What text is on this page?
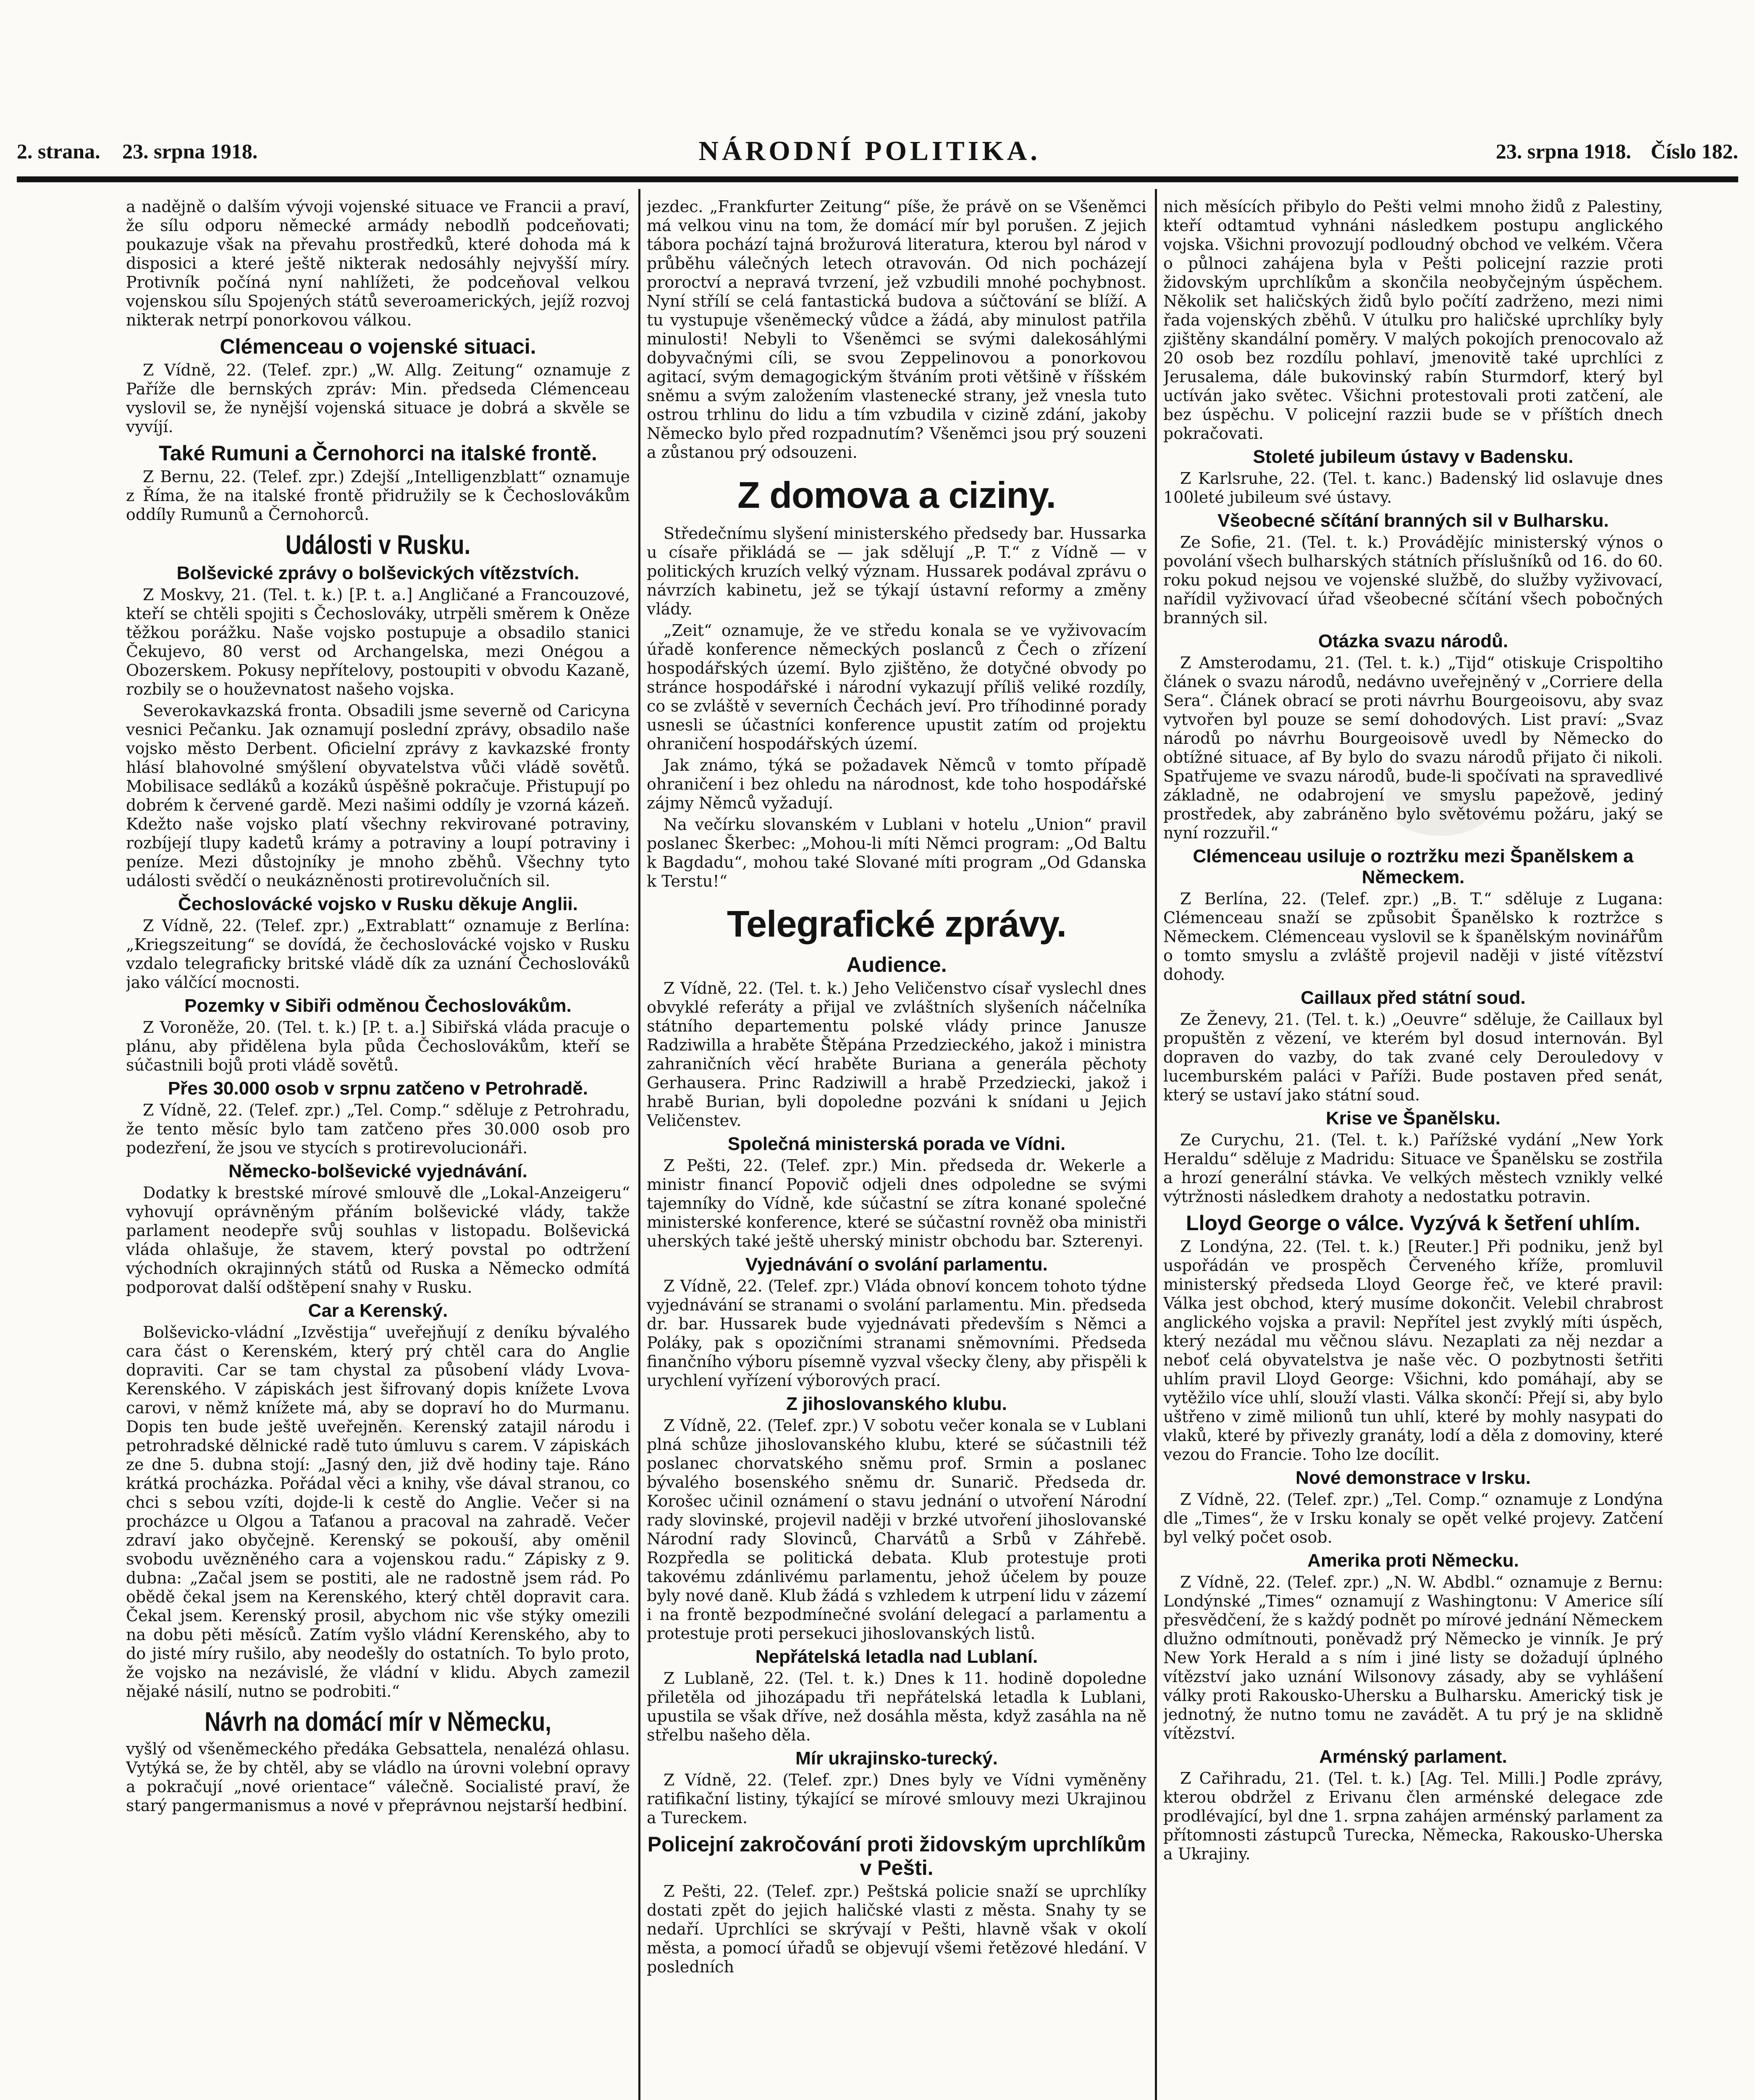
2. strana. 23. srpna 1918.	NÁRODNÍ POLITIKA.	23. srpna 1918. Číslo 182.

a nadějně o dalším vývoji vojenské situace ve Francii a praví, že sílu odporu německé armády nebodlň podceňovati; poukazuje však na převahu prostředků, které dohoda má k disposici a které ještě nikterak nedosáhly nejvyšší míry. Protivník počíná nyní nahlížeti, že podceňoval velkou vojenskou sílu Spojených států severoamerických, jejíž rozvoj nikterak netrpí ponorkovou válkou.

Clémenceau o vojenské situaci.

Z Vídně, 22. (Telef. zpr.) „W. Allg. Zeitung“ oznamuje z Paříže dle bernských zpráv: Min. předseda Clémenceau vyslovil se, že nynější vojenská situace je dobrá a skvěle se vyvíjí.

Také Rumuni a Černohorci na italské frontě.

Z Bernu, 22. (Telef. zpr.) Zdejší „Intelligenzblatt“ oznamuje z Říma, že na italské frontě přidružily se k Čechoslovákům oddíly Rumunů a Černohorců.

Události v Rusku.
Bolševické zprávy o bolševických vítězstvích.

Z Moskvy, 21. (Tel. t. k.) [P. t. a.] Angličané a Francouzové, kteří se chtěli spojiti s Čechoslováky, utrpěli směrem k Oněze těžkou porážku. Naše vojsko postupuje a obsadilo stanici Čekujevo, 80 verst od Archangelska, mezi Onégou a Obozerskem. Pokusy nepřítelovy, postoupiti v obvodu Kazaně, rozbily se o houževnatost našeho vojska.

Severokavkazská fronta. Obsadili jsme severně od Caricyna vesnici Pečanku. Jak oznamují poslední zprávy, obsadilo naše vojsko město Derbent. Oficielní zprávy z kavkazské fronty hlásí blahovolné smýšlení obyvatelstva vůči vládě sovětů. Mobilisace sedláků a kozáků úspěšně pokračuje. Přistupují po dobrém k červené gardě. Mezi našimi oddíly je vzorná kázeň. Kdežto naše vojsko platí všechny rekvirované potraviny, rozbíjejí tlupy kadetů krámy a potraviny a loupí potraviny i peníze. Mezi důstojníky je mnoho zběhů. Všechny tyto události svědčí o neukázněnosti protirevolučních sil.

Čechoslovácké vojsko v Rusku děkuje Anglii.

Z Vídně, 22. (Telef. zpr.) „Extrablatt“ oznamuje z Berlína: „Kriegszeitung“ se dovídá, že čechoslovácké vojsko v Rusku vzdalo telegraficky britské vládě dík za uznání Čechoslováků jako válčící mocnosti.

Pozemky v Sibiři odměnou Čechoslovákům.

Z Voroněže, 20. (Tel. t. k.) [P. t. a.] Sibiřská vláda pracuje o plánu, aby přidělena byla půda Čechoslovákům, kteří se súčastnili bojů proti vládě sovětů.

Přes 30.000 osob v srpnu zatčeno v Petrohradě.

Z Vídně, 22. (Telef. zpr.) „Tel. Comp.“ sděluje z Petrohradu, že tento měsíc bylo tam zatčeno přes 30.000 osob pro podezření, že jsou ve stycích s protirevolucionáři.

Německo-bolševické vyjednávání.

Dodatky k brestské mírové smlouvě dle „Lokal-Anzeigeru“ vyhovují oprávněným přáním bolševické vlády, takže parlament neodepře svůj souhlas v listopadu. Bolševická vláda ohlašuje, že stavem, který povstal po odtržení východních okrajinných států od Ruska a Německo odmítá podporovat další odštěpení snahy v Rusku.

Car a Kerenský.

Bolševicko-vládní „Izvěstija“ uveřejňují z deníku bývalého cara část o Kerenském, který prý chtěl cara do Anglie dopraviti. Car se tam chystal za působení vlády Lvova-Kerenského. V zápiskách jest šifrovaný dopis knížete Lvova carovi, v němž knížete má, aby se dopraví ho do Murmanu. Dopis ten bude ještě uveřejněn. Kerenský zatajil národu i petrohradské dělnické radě tuto úmluvu s carem. V zápiskách ze dne 5. dubna stojí: „Jasný den, již dvě hodiny taje. Ráno krátká procházka. Pořádal věci a knihy, vše dával stranou, co chci s sebou vzíti, dojde-li k cestě do Anglie. Večer si na procházce u Olgou a Taťanou a pracoval na zahradě. Večer zdraví jako obyčejně. Kerenský se pokouší, aby oměnil svobodu uvězněného cara a vojenskou radu.“ Zápisky z 9. dubna: „Začal jsem se postiti, ale ne radostně jsem rád. Po obědě čekal jsem na Kerenského, který chtěl dopravit cara. Čekal jsem. Kerenský prosil, abychom nic vše stýky omezili na dobu pěti měsíců. Zatím vyšlo vládní Kerenského, aby to do jisté míry rušilo, aby neodešly do ostatních. To bylo proto, že vojsko na nezávislé, že vládní v klidu. Abych zamezil nějaké násilí, nutno se podrobiti.“

Návrh na domácí mír v Německu,

vyšlý od všeněmeckého předáka Gebsattela, nenalézá ohlasu. Vytýká se, že by chtěl, aby se vládlo na úrovni volební opravy a pokračují „nové orientace“ válečně. Socialisté praví, že starý pangermanismus a nové v přeprávnou nejstarší hedbiní.

jezdec. „Frankfurter Zeitung“ píše, že právě on se Všeněmci má velkou vinu na tom, že domácí mír byl porušen. Z jejich tábora pochází tajná brožurová literatura, kterou byl národ v průběhu válečných letech otravován. Od nich pocházejí proroctví a nepravá tvrzení, jež vzbudili mnohé pochybnost. Nyní střílí se celá fantastická budova a súčtování se blíží. A tu vystupuje všeněmecký vůdce a žádá, aby minulost patřila minulosti! Nebyli to Všeněmci se svými dalekosáhlými dobyvačnými cíli, se svou Zeppelinovou a ponorkovou agitací, svým demagogickým štváním proti většině v říšském sněmu a svým založením vlastenecké strany, jež vnesla tuto ostrou trhlinu do lidu a tím vzbudila v cizině zdání, jakoby Německo bylo před rozpadnutím? Všeněmci jsou prý souzeni a zůstanou prý odsouzeni.

Z domova a ciziny.

Středečnímu slyšení ministerského předsedy bar. Hussarka u císaře přikládá se — jak sdělují „P. T.“ z Vídně — v politických kruzích velký význam. Hussarek podával zprávu o návrzích kabinetu, jež se týkají ústavní reformy a změny vlády.

„Zeit“ oznamuje, že ve středu konala se ve vyživovacím úřadě konference německých poslanců z Čech o zřízení hospodářských území. Bylo zjištěno, že dotyčné obvody po stránce hospodářské i národní vykazují příliš veliké rozdíly, co se zvláště v severních Čechách jeví. Pro tříhodinné porady usnesli se účastníci konference upustit zatím od projektu ohraničení hospodářských území.

Jak známo, týká se požadavek Němců v tomto případě ohraničení i bez ohledu na národnost, kde toho hospodářské zájmy Němců vyžadují.

Na večírku slovanském v Lublani v hotelu „Union“ pravil poslanec Škerbec: „Mohou-li míti Němci program: „Od Baltu k Bagdadu“, mohou také Slované míti program „Od Gdanska k Terstu!“

Telegrafické zprávy.
Audience.

Z Vídně, 22. (Tel. t. k.) Jeho Veličenstvo císař vyslechl dnes obvyklé referáty a přijal ve zvláštních slyšeních náčelníka státního departementu polské vlády prince Janusze Radziwilla a hraběte Štěpána Przedzieckého, jakož i ministra zahraničních věcí hraběte Buriana a generála pěchoty Gerhausera. Princ Radziwill a hrabě Przedziecki, jakož i hrabě Burian, byli dopoledne pozváni k snídani u Jejich Veličenstev.

Společná ministerská porada ve Vídni.

Z Pešti, 22. (Telef. zpr.) Min. předseda dr. Wekerle a ministr financí Popovič odjeli dnes odpoledne se svými tajemníky do Vídně, kde súčastní se zítra konané společné ministerské konference, které se súčastní rovněž oba ministři uherských také ještě uherský ministr obchodu bar. Szterenyi.

Vyjednávání o svolání parlamentu.

Z Vídně, 22. (Telef. zpr.) Vláda obnoví koncem tohoto týdne vyjednávání se stranami o svolání parlamentu. Min. předseda dr. bar. Hussarek bude vyjednávati především s Němci a Poláky, pak s opozičními stranami sněmovními. Předseda finančního výboru písemně vyzval všecky členy, aby přispěli k urychlení vyřízení výborových prací.

Z jihoslovanského klubu.

Z Vídně, 22. (Telef. zpr.) V sobotu večer konala se v Lublani plná schůze jihoslovanského klubu, které se súčastnili též poslanec chorvatského sněmu prof. Srmin a poslanec bývalého bosenského sněmu dr. Sunarič. Předseda dr. Korošec učinil oznámení o stavu jednání o utvoření Národní rady slovinské, projevil naději v brzké utvoření jihoslovanské Národní rady Slovinců, Charvátů a Srbů v Záhřebě. Rozpředla se politická debata. Klub protestuje proti takovému zdánlivému parlamentu, jehož účelem by pouze byly nové daně. Klub žádá s vzhledem k utrpení lidu v zázemí i na frontě bezpodmínečné svolání delegací a parlamentu a protestuje proti persekuci jihoslovanských listů.

Nepřátelská letadla nad Lublaní.

Z Lublaně, 22. (Tel. t. k.) Dnes k 11. hodině dopoledne přiletěla od jihozápadu tři nepřátelská letadla k Lublani, upustila se však dříve, než dosáhla města, když zasáhla na ně střelbu našeho děla.

Mír ukrajinsko-turecký.

Z Vídně, 22. (Telef. zpr.) Dnes byly ve Vídni vyměněny ratifikační listiny, týkající se mírové smlouvy mezi Ukrajinou a Tureckem.

Policejní zakročování proti židovským uprchlíkům v Pešti.

Z Pešti, 22. (Telef. zpr.) Peštská policie snaží se uprchlíky dostati zpět do jejich haličské vlasti z města. Snahy ty se nedaří. Uprchlíci se skrývají v Pešti, hlavně však v okolí města, a pomocí úřadů se objevují všemi řetězové hledání. V posledních

nich měsících přibylo do Pešti velmi mnoho židů z Palestiny, kteří odtamtud vyhnáni následkem postupu anglického vojska. Všichni provozují podloudný obchod ve velkém. Včera o půlnoci zahájena byla v Pešti policejní razzie proti židovským uprchlíkům a skončila neobyčejným úspěchem. Několik set haličských židů bylo počítí zadrženo, mezi nimi řada vojenských zběhů. V útulku pro haličské uprchlíky byly zjištěny skandální poměry. V malých pokojích prenocovalo až 20 osob bez rozdílu pohlaví, jmenovitě také uprchlíci z Jerusalema, dále bukovinský rabín Sturmdorf, který byl uctíván jako světec. Všichni protestovali proti zatčení, ale bez úspěchu. V policejní razzii bude se v příštích dnech pokračovati.

Stoleté jubileum ústavy v Badensku.

Z Karlsruhe, 22. (Tel. t. kanc.) Badenský lid oslavuje dnes 100leté jubileum své ústavy.

Všeobecné sčítání branných sil v Bulharsku.

Ze Sofie, 21. (Tel. t. k.) Provádějíc ministerský výnos o povolání všech bulharských státních příslušníků od 16. do 60. roku pokud nejsou ve vojenské službě, do služby vyživovací, nařídil vyživovací úřad všeobecné sčítání všech pobočných branných sil.

Otázka svazu národů.

Z Amsterodamu, 21. (Tel. t. k.) „Tijd“ otiskuje Crispoltiho článek o svazu národů, nedávno uveřejněný v „Corriere della Sera“. Článek obrací se proti návrhu Bourgeoisovu, aby svaz vytvořen byl pouze se semí dohodových. List praví: „Svaz národů po návrhu Bourgeoisově uvedl by Německo do obtížné situace, af By bylo do svazu národů přijato či nikoli. Spatřujeme ve svazu národů, bude-li spočívati na spravedlivé základně, ne odabrojení ve smyslu papežově, jediný prostředek, aby zabráněno bylo světovému požáru, jaký se nyní rozzuřil.“

Clémenceau usiluje o roztržku mezi Španělskem a Německem.

Z Berlína, 22. (Telef. zpr.) „B. T.“ sděluje z Lugana: Clémenceau snaží se způsobit Španělsko k roztržce s Německem. Clémenceau vyslovil se k španělským novinářům o tomto smyslu a zvláště projevil naději v jisté vítězství dohody.

Caillaux před státní soud.

Ze Ženevy, 21. (Tel. t. k.) „Oeuvre“ sděluje, že Caillaux byl propuštěn z vězení, ve kterém byl dosud internován. Byl dopraven do vazby, do tak zvané cely Derouledovy v lucemburském paláci v Paříži. Bude postaven před senát, který se ustaví jako státní soud.

Krise ve Španělsku.

Ze Curychu, 21. (Tel. t. k.) Pařížské vydání „New York Heraldu“ sděluje z Madridu: Situace ve Španělsku se zostřila a hrozí generální stávka. Ve velkých městech vznikly velké výtržnosti následkem drahoty a nedostatku potravin.

Lloyd George o válce. Vyzývá k šetření uhlím.

Z Londýna, 22. (Tel. t. k.) [Reuter.] Při podniku, jenž byl uspořádán ve prospěch Červeného kříže, promluvil ministerský předseda Lloyd George řeč, ve které pravil: Válka jest obchod, který musíme dokončit. Velebil chrabrost anglického vojska a pravil: Nepřítel jest zvyklý míti úspěch, který nezádal mu věčnou slávu. Nezaplati za něj nezdar a neboť celá obyvatelstva je naše věc. O pozbytnosti šetřiti uhlím pravil Lloyd George: Všichni, kdo pomáhají, aby se vytěžilo více uhlí, slouží vlasti. Válka skončí: Přejí si, aby bylo uštřeno v zimě milionů tun uhlí, které by mohly nasypati do vlaků, které by přivezly granáty, lodí a děla z domoviny, které vezou do Francie. Toho lze docílit.

Nové demonstrace v Irsku.

Z Vídně, 22. (Telef. zpr.) „Tel. Comp.“ oznamuje z Londýna dle „Times“, že v Irsku konaly se opět velké projevy. Zatčení byl velký počet osob.

Amerika proti Německu.

Z Vídně, 22. (Telef. zpr.) „N. W. Abdbl.“ oznamuje z Bernu: Londýnské „Times“ oznamují z Washingtonu: V Americe sílí přesvědčení, že s každý podnět po mírové jednání Německem dlužno odmítnouti, poněvadž prý Německo je vinník. Je prý New York Herald a s ním i jiné listy se dožadují úplného vítězství jako uznání Wilsonovy zásady, aby se vyhlášení války proti Rakousko-Uhersku a Bulharsku. Americký tisk je jednotný, že nutno tomu ne zavádět. A tu prý je na sklidně vítězství.

Arménský parlament.

Z Cařihradu, 21. (Tel. t. k.) [Ag. Tel. Milli.] Podle zprávy, kterou obdržel z Erivanu člen arménské delegace zde prodlévající, byl dne 1. srpna zahájen arménský parlament za přítomnosti zástupců Turecka, Německa, Rakousko-Uherska a Ukrajiny.
